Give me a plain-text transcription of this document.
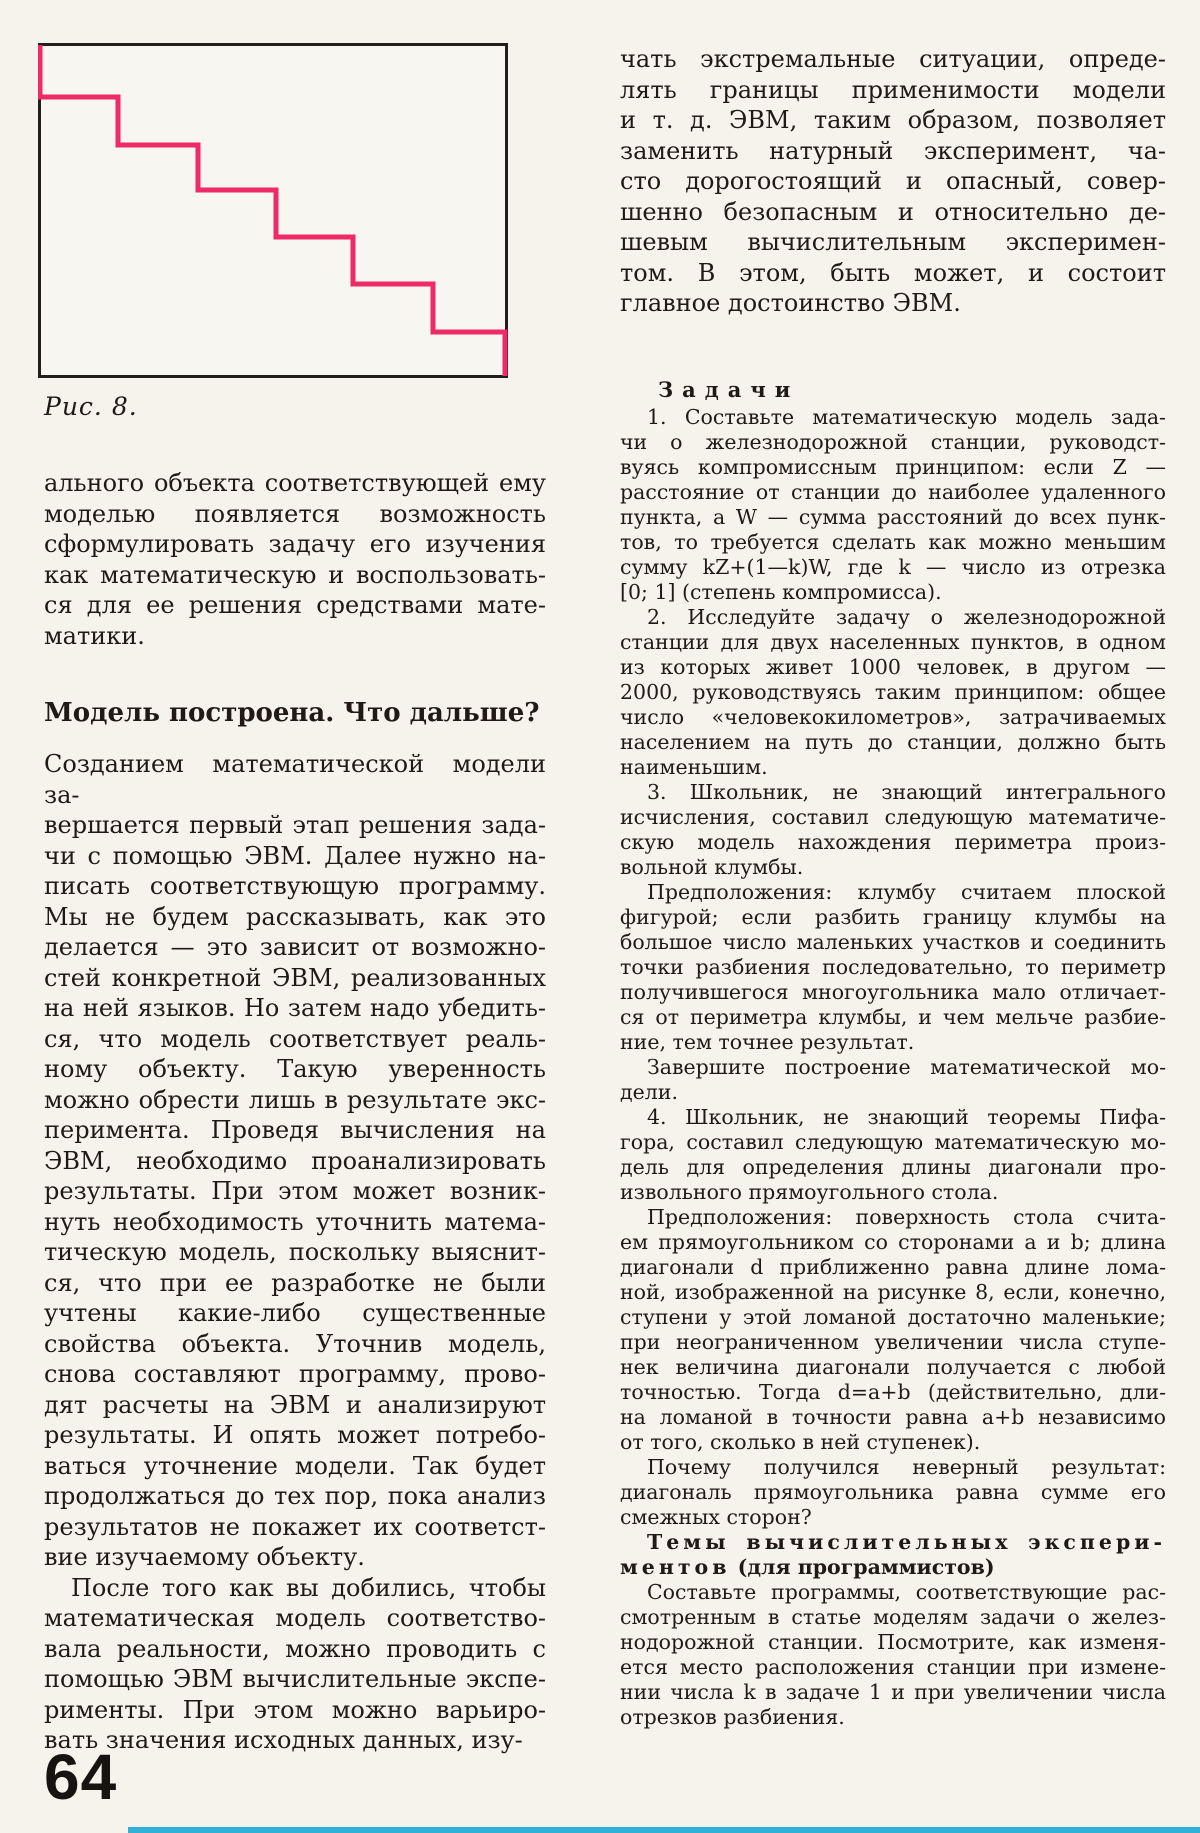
Рис. 8.
ального объекта соответствующей ему
моделью появляется возможность
сформулировать задачу его изучения
как математическую и воспользовать-
ся для ее решения средствами мате-
матики.
Модель построена. Что дальше?
Созданием математической модели за-
вершается первый этап решения зада-
чи с помощью ЭВМ. Далее нужно на-
писать соответствующую программу.
Мы не будем рассказывать, как это
делается — это зависит от возможно-
стей конкретной ЭВМ, реализованных
на ней языков. Но затем надо убедить-
ся, что модель соответствует реаль-
ному объекту. Такую уверенность
можно обрести лишь в результате экс-
перимента. Проведя вычисления на
ЭВМ, необходимо проанализировать
результаты. При этом может возник-
нуть необходимость уточнить матема-
тическую модель, поскольку выяснит-
ся, что при ее разработке не были
учтены какие-либо существенные
свойства объекта. Уточнив модель,
снова составляют программу, прово-
дят расчеты на ЭВМ и анализируют
результаты. И опять может потребо-
ваться уточнение модели. Так будет
продолжаться до тех пор, пока анализ
результатов не покажет их соответст-
вие изучаемому объекту.
После того как вы добились, чтобы
математическая модель соответство-
вала реальности, можно проводить с
помощью ЭВМ вычислительные экспе-
рименты. При этом можно варьиро-
вать значения исходных данных, изу-
чать экстремальные ситуации, опреде-
лять границы применимости модели
и т. д. ЭВМ, таким образом, позволяет
заменить натурный эксперимент, ча-
сто дорогостоящий и опасный, совер-
шенно безопасным и относительно де-
шевым вычислительным эксперимен-
том. В этом, быть может, и состоит
главное достоинство ЭВМ.
Задачи
1. Составьте математическую модель зада-
чи о железнодорожной станции, руководст-
вуясь компромиссным принципом: если Z —
расстояние от станции до наиболее удаленного
пункта, а W — сумма расстояний до всех пунк-
тов, то требуется сделать как можно меньшим
сумму kZ+(1—k)W, где k — число из отрезка
[0; 1] (степень компромисса).
2. Исследуйте задачу о железнодорожной
станции для двух населенных пунктов, в одном
из которых живет 1000 человек, в другом —
2000, руководствуясь таким принципом: общее
число «человекокилометров», затрачиваемых
населением на путь до станции, должно быть
наименьшим.
3. Школьник, не знающий интегрального
исчисления, составил следующую математиче-
скую модель нахождения периметра произ-
вольной клумбы.
Предположения: клумбу считаем плоской
фигурой; если разбить границу клумбы на
большое число маленьких участков и соединить
точки разбиения последовательно, то периметр
получившегося многоугольника мало отличает-
ся от периметра клумбы, и чем мельче разбие-
ние, тем точнее результат.
Завершите построение математической мо-
дели.
4. Школьник, не знающий теоремы Пифа-
гора, составил следующую математическую мо-
дель для определения длины диагонали про-
извольного прямоугольного стола.
Предположения: поверхность стола счита-
ем прямоугольником со сторонами a и b; длина
диагонали d приближенно равна длине лома-
ной, изображенной на рисунке 8, если, конечно,
ступени у этой ломаной достаточно маленькие;
при неограниченном увеличении числа ступе-
нек величина диагонали получается с любой
точностью. Тогда d=a+b (действительно, дли-
на ломаной в точности равна a+b независимо
от того, сколько в ней ступенек).
Почему получился неверный результат:
диагональ прямоугольника равна сумме его
смежных сторон?
Темы вычислительных экспери-
ментов (для программистов)
Составьте программы, соответствующие рас-
смотренным в статье моделям задачи о желез-
нодорожной станции. Посмотрите, как изменя-
ется место расположения станции при измене-
нии числа k в задаче 1 и при увеличении числа
отрезков разбиения.
64
